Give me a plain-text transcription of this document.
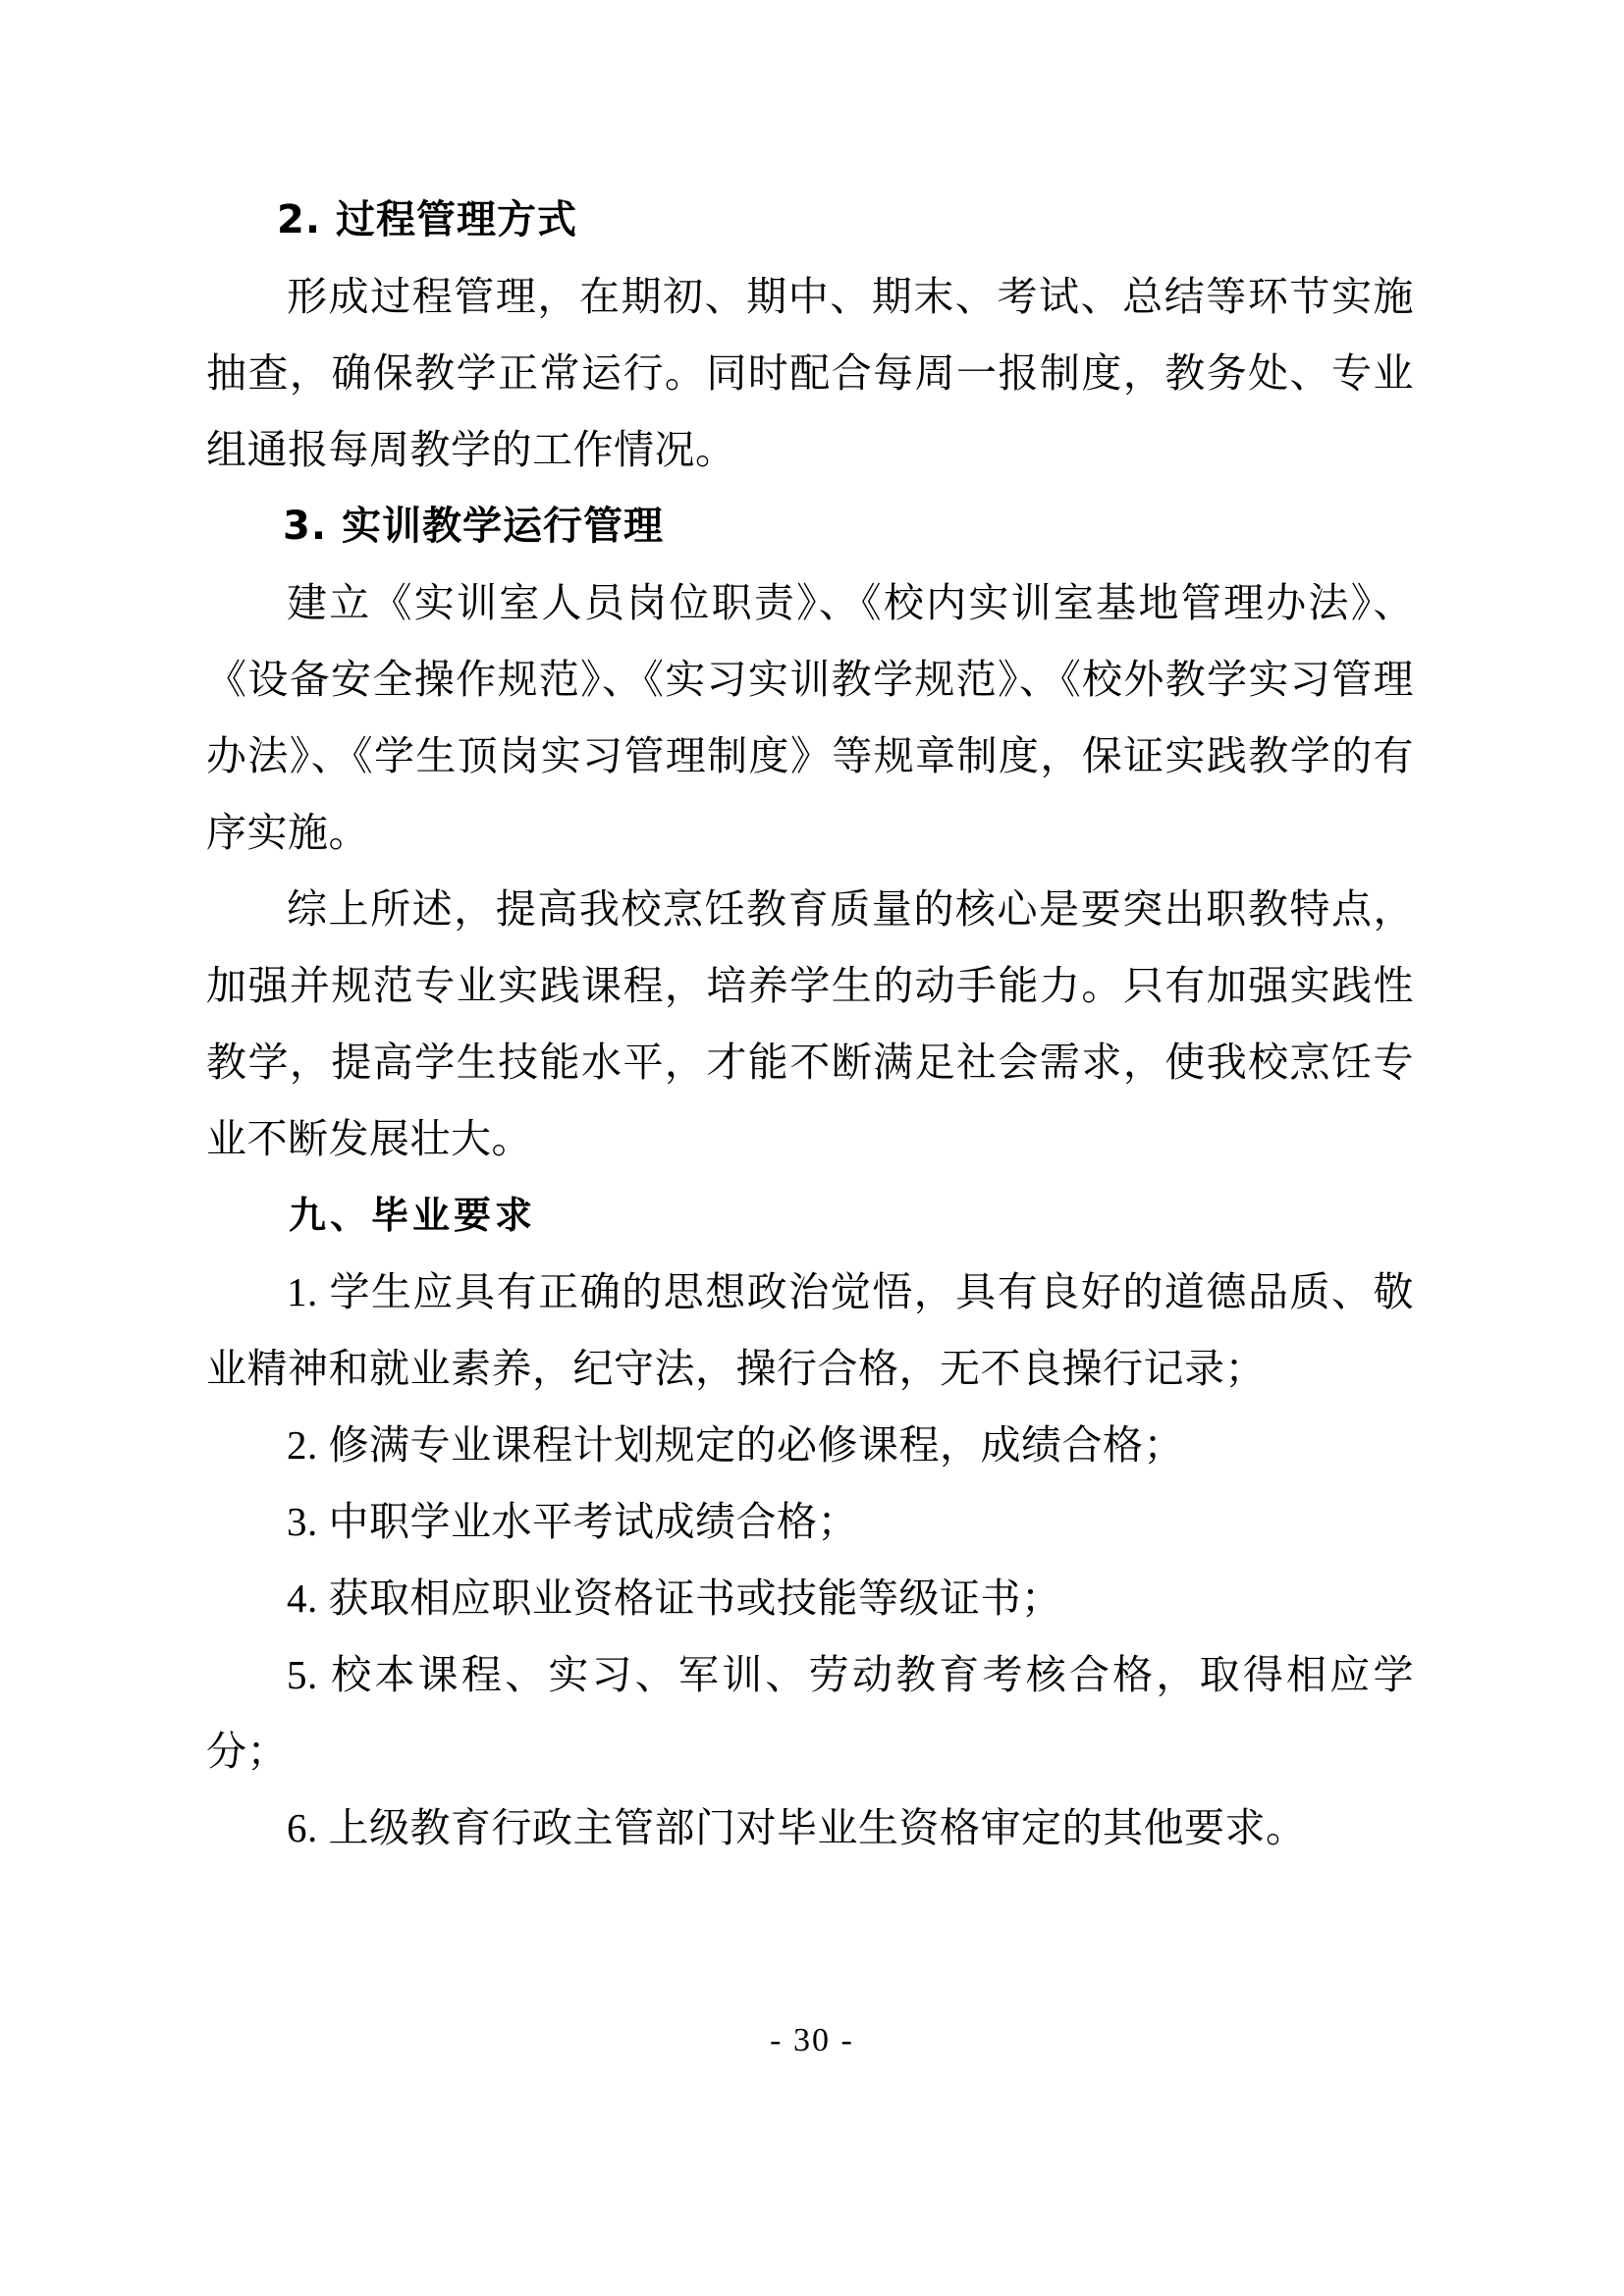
2. 过程管理方式

形成过程管理，在期初、期中、期末、考试、总结等环节实施抽查，确保教学正常运行。同时配合每周一报制度，教务处、专业组通报每周教学的工作情况。

3. 实训教学运行管理

建立《实训室人员岗位职责》、《校内实训室基地管理办法》、《设备安全操作规范》、《实习实训教学规范》、《校外教学实习管理办法》、《学生顶岗实习管理制度》等规章制度，保证实践教学的有序实施。

综上所述，提高我校烹饪教育质量的核心是要突出职教特点，加强并规范专业实践课程，培养学生的动手能力。只有加强实践性教学，提高学生技能水平，才能不断满足社会需求，使我校烹饪专业不断发展壮大。

九、毕业要求

1. 学生应具有正确的思想政治觉悟，具有良好的道德品质、敬业精神和就业素养，纪守法，操行合格，无不良操行记录；

2. 修满专业课程计划规定的必修课程，成绩合格；

3. 中职学业水平考试成绩合格；

4. 获取相应职业资格证书或技能等级证书；

5. 校本课程、实习、军训、劳动教育考核合格，取得相应学分；

6. 上级教育行政主管部门对毕业生资格审定的其他要求。

- 30 -
